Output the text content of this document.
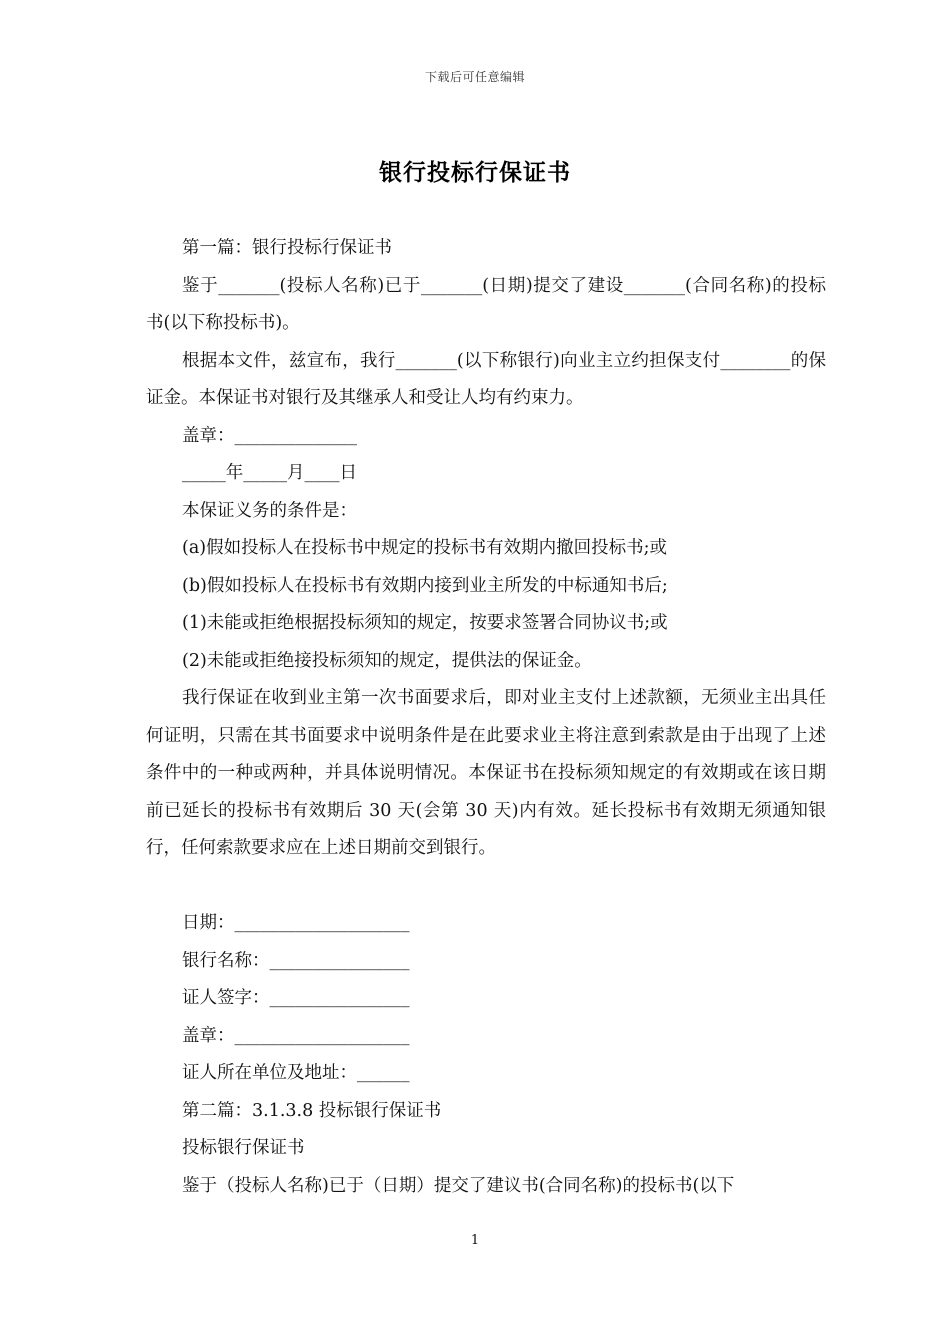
下载后可任意编辑
银行投标行保证书

第一篇：银行投标行保证书

鉴于_______(投标人名称)已于_______(日期)提交了建设_______(合同名称)的投标书(以下称投标书)。

根据本文件，兹宣布，我行_______(以下称银行)向业主立约担保支付________的保证金。本保证书对银行及其继承人和受让人均有约束力。

盖章：______________

_____年_____月____日

本保证义务的条件是：

(a)假如投标人在投标书中规定的投标书有效期内撤回投标书;或

(b)假如投标人在投标书有效期内接到业主所发的中标通知书后;

(1)未能或拒绝根据投标须知的规定，按要求签署合同协议书;或

(2)未能或拒绝接投标须知的规定，提供法的保证金。

我行保证在收到业主第一次书面要求后，即对业主支付上述款额，无须业主出具任何证明，只需在其书面要求中说明条件是在此要求业主将注意到索款是由于出现了上述条件中的一种或两种，并具体说明情况。本保证书在投标须知规定的有效期或在该日期前已延长的投标书有效期后 30 天(会第 30 天)内有效。延长投标书有效期无须通知银行，任何索款要求应在上述日期前交到银行。

日期：____________________

银行名称：________________

证人签字：________________

盖章：____________________

证人所在单位及地址：______

第二篇：3.1.3.8 投标银行保证书

投标银行保证书

鉴于（投标人名称)已于（日期）提交了建议书(合同名称)的投标书(以下

1
